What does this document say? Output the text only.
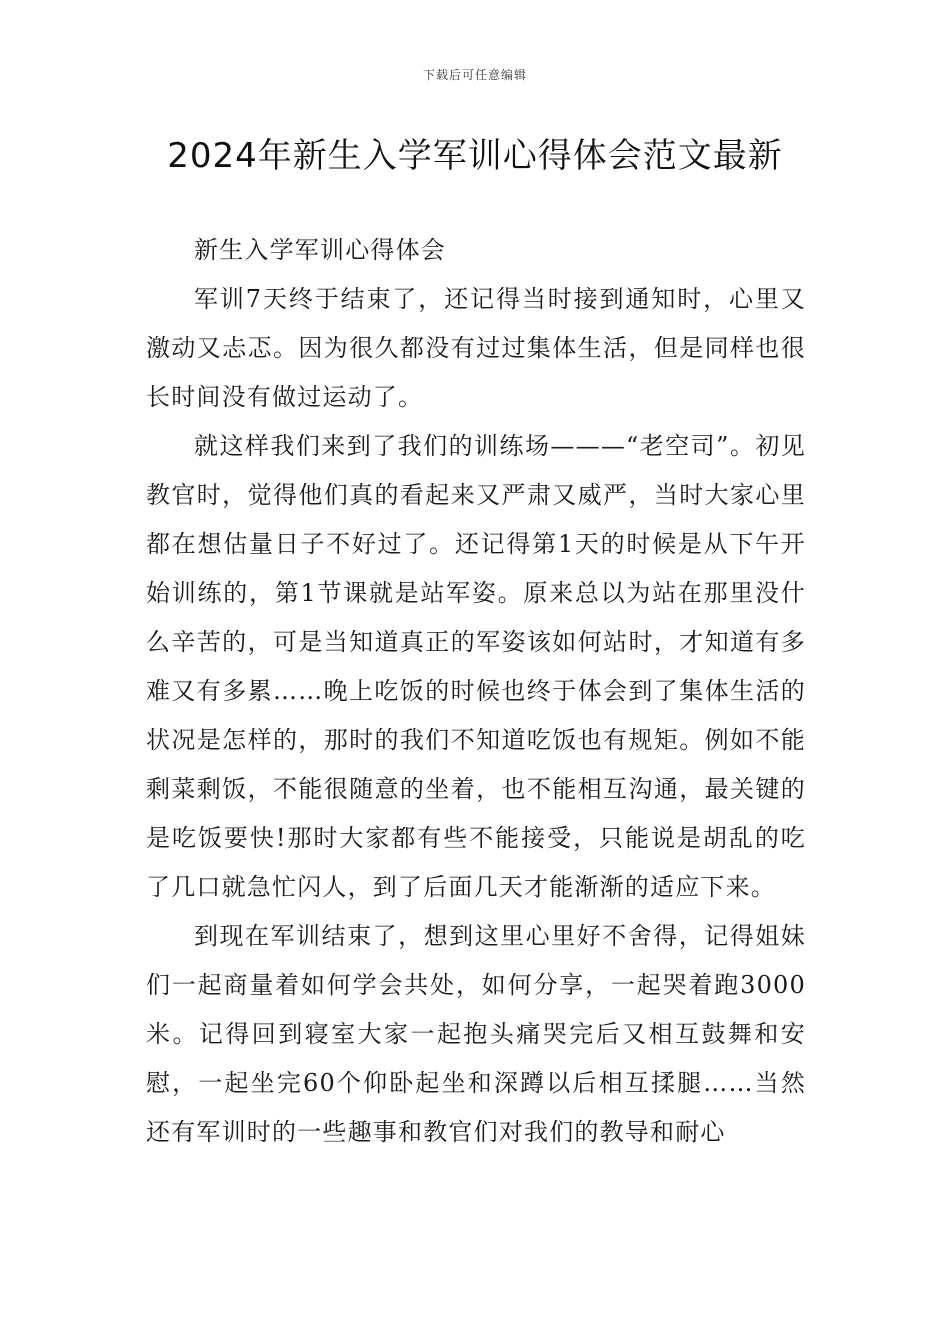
下载后可任意编辑
2024年新生入学军训心得体会范文最新

新生入学军训心得体会

军训7天终于结束了，还记得当时接到通知时，心里又激动又忐忑。因为很久都没有过过集体生活，但是同样也很长时间没有做过运动了。

就这样我们来到了我们的训练场———“老空司”。初见教官时，觉得他们真的看起来又严肃又威严，当时大家心里都在想估量日子不好过了。还记得第1天的时候是从下午开始训练的，第1节课就是站军姿。原来总以为站在那里没什么辛苦的，可是当知道真正的军姿该如何站时，才知道有多难又有多累……晚上吃饭的时候也终于体会到了集体生活的状况是怎样的，那时的我们不知道吃饭也有规矩。例如不能剩菜剩饭，不能很随意的坐着，也不能相互沟通，最关键的是吃饭要快!那时大家都有些不能接受，只能说是胡乱的吃了几口就急忙闪人，到了后面几天才能渐渐的适应下来。

到现在军训结束了，想到这里心里好不舍得，记得姐妹们一起商量着如何学会共处，如何分享，一起哭着跑3000米。记得回到寝室大家一起抱头痛哭完后又相互鼓舞和安慰，一起坐完60个仰卧起坐和深蹲以后相互揉腿……当然还有军训时的一些趣事和教官们对我们的教导和耐心
